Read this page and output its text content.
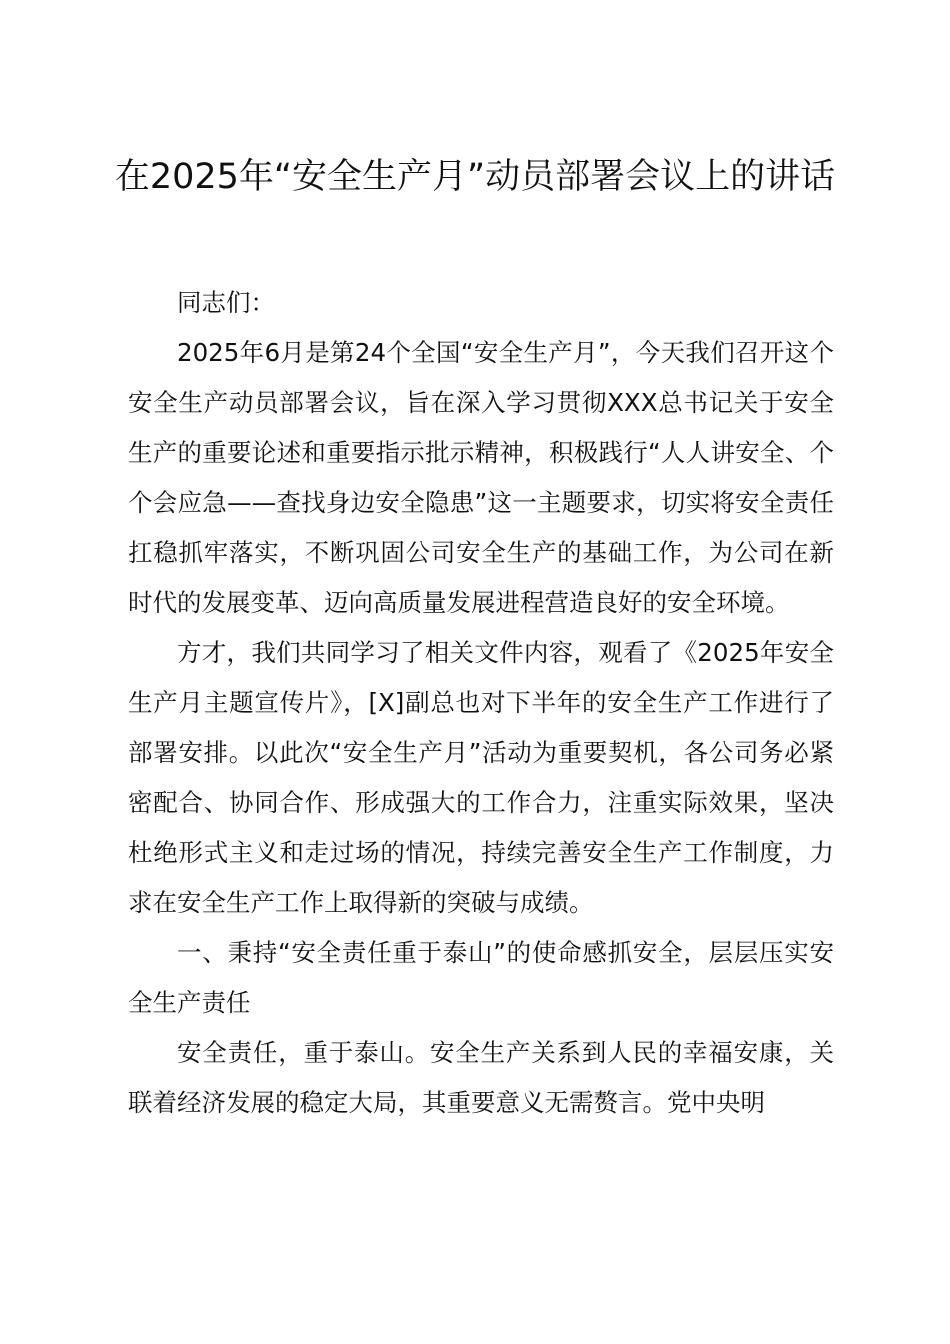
在2025年“安全生产月”动员部署会议上的讲话

同志们：

2025年6月是第24个全国“安全生产月”，今天我们召开这个安全生产动员部署会议，旨在深入学习贯彻XXX总书记关于安全生产的重要论述和重要指示批示精神，积极践行“人人讲安全、个个会应急——查找身边安全隐患”这一主题要求，切实将安全责任扛稳抓牢落实，不断巩固公司安全生产的基础工作，为公司在新时代的发展变革、迈向高质量发展进程营造良好的安全环境。

方才，我们共同学习了相关文件内容，观看了《2025年安全生产月主题宣传片》，[X]副总也对下半年的安全生产工作进行了部署安排。以此次“安全生产月”活动为重要契机，各公司务必紧密配合、协同合作、形成强大的工作合力，注重实际效果，坚决杜绝形式主义和走过场的情况，持续完善安全生产工作制度，力求在安全生产工作上取得新的突破与成绩。

一、秉持“安全责任重于泰山”的使命感抓安全，层层压实安全生产责任

安全责任，重于泰山。安全生产关系到人民的幸福安康，关联着经济发展的稳定大局，其重要意义无需赘言。党中央明
